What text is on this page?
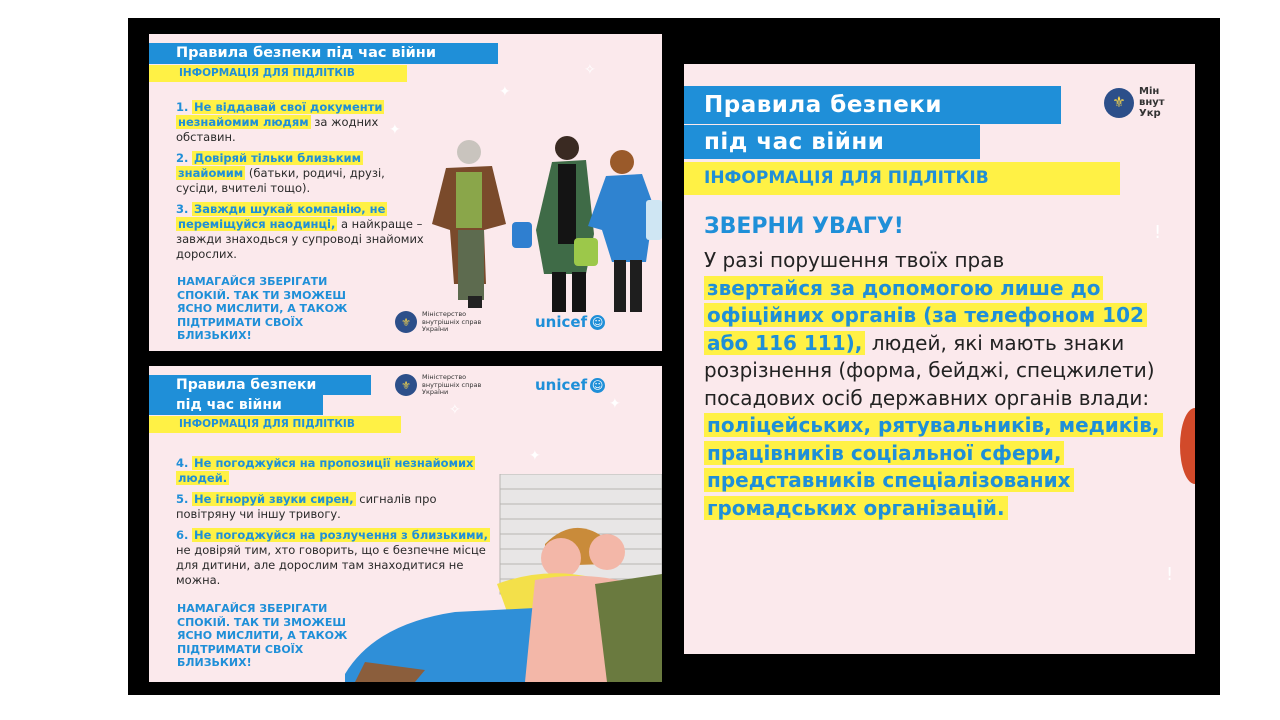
✦
✦
✧
Правила безпеки під час війни
ІНФОРМАЦІЯ ДЛЯ ПІДЛІТКІВ
1. Не віддавай свої документи незнайомим людям за жодних обставин.
2. Довіряй тільки близьким знайомим (батьки, родичі, друзі, сусіди, вчителі тощо).
3. Завжди шукай компанію, не переміщуйся наодинці, а найкраще – завжди знаходься у супроводі знайомих дорослих.
НАМАГАЙСЯ ЗБЕРІГАТИ СПОКІЙ. ТАК ТИ ЗМОЖЕШ ЯСНО МИСЛИТИ, А ТАКОЖ ПІДТРИМАТИ СВОЇХ БЛИЗЬКИХ!
⚜
Міністерство внутрішніх справ України	unicef ☺
✦
✧	✦
Правила безпеки
під час війни
ІНФОРМАЦІЯ ДЛЯ ПІДЛІТКІВ
⚜
Міністерство внутрішніх справ України	unicef ☺
4. Не погоджуйся на пропозиції незнайомих людей.
5. Не ігноруй звуки сирен, сигналів про повітряну чи іншу тривогу.
6. Не погоджуйся на розлучення з близькими, не довіряй тим, хто говорить, що є безпечне місце для дитини, але дорослим там знаходитися не можна.
НАМАГАЙСЯ ЗБЕРІГАТИ СПОКІЙ. ТАК ТИ ЗМОЖЕШ ЯСНО МИСЛИТИ, А ТАКОЖ ПІДТРИМАТИ СВОЇХ БЛИЗЬКИХ!
!
!
Правила безпеки
під час війни
ІНФОРМАЦІЯ ДЛЯ ПІДЛІТКІВ
⚜
Мін внут Укр
ЗВЕРНИ УВАГУ!
У разі порушення твоїх прав
звертайся за допомогою лише до офіційних органів (за телефоном 102 або 116 111), людей, які мають знаки розрізнення (форма, бейджі, спецжилети) посадових осіб державних органів влади: поліцейських, рятувальників, медиків, працівників соціальної сфери, представників спеціалізованих громадських організацій.
